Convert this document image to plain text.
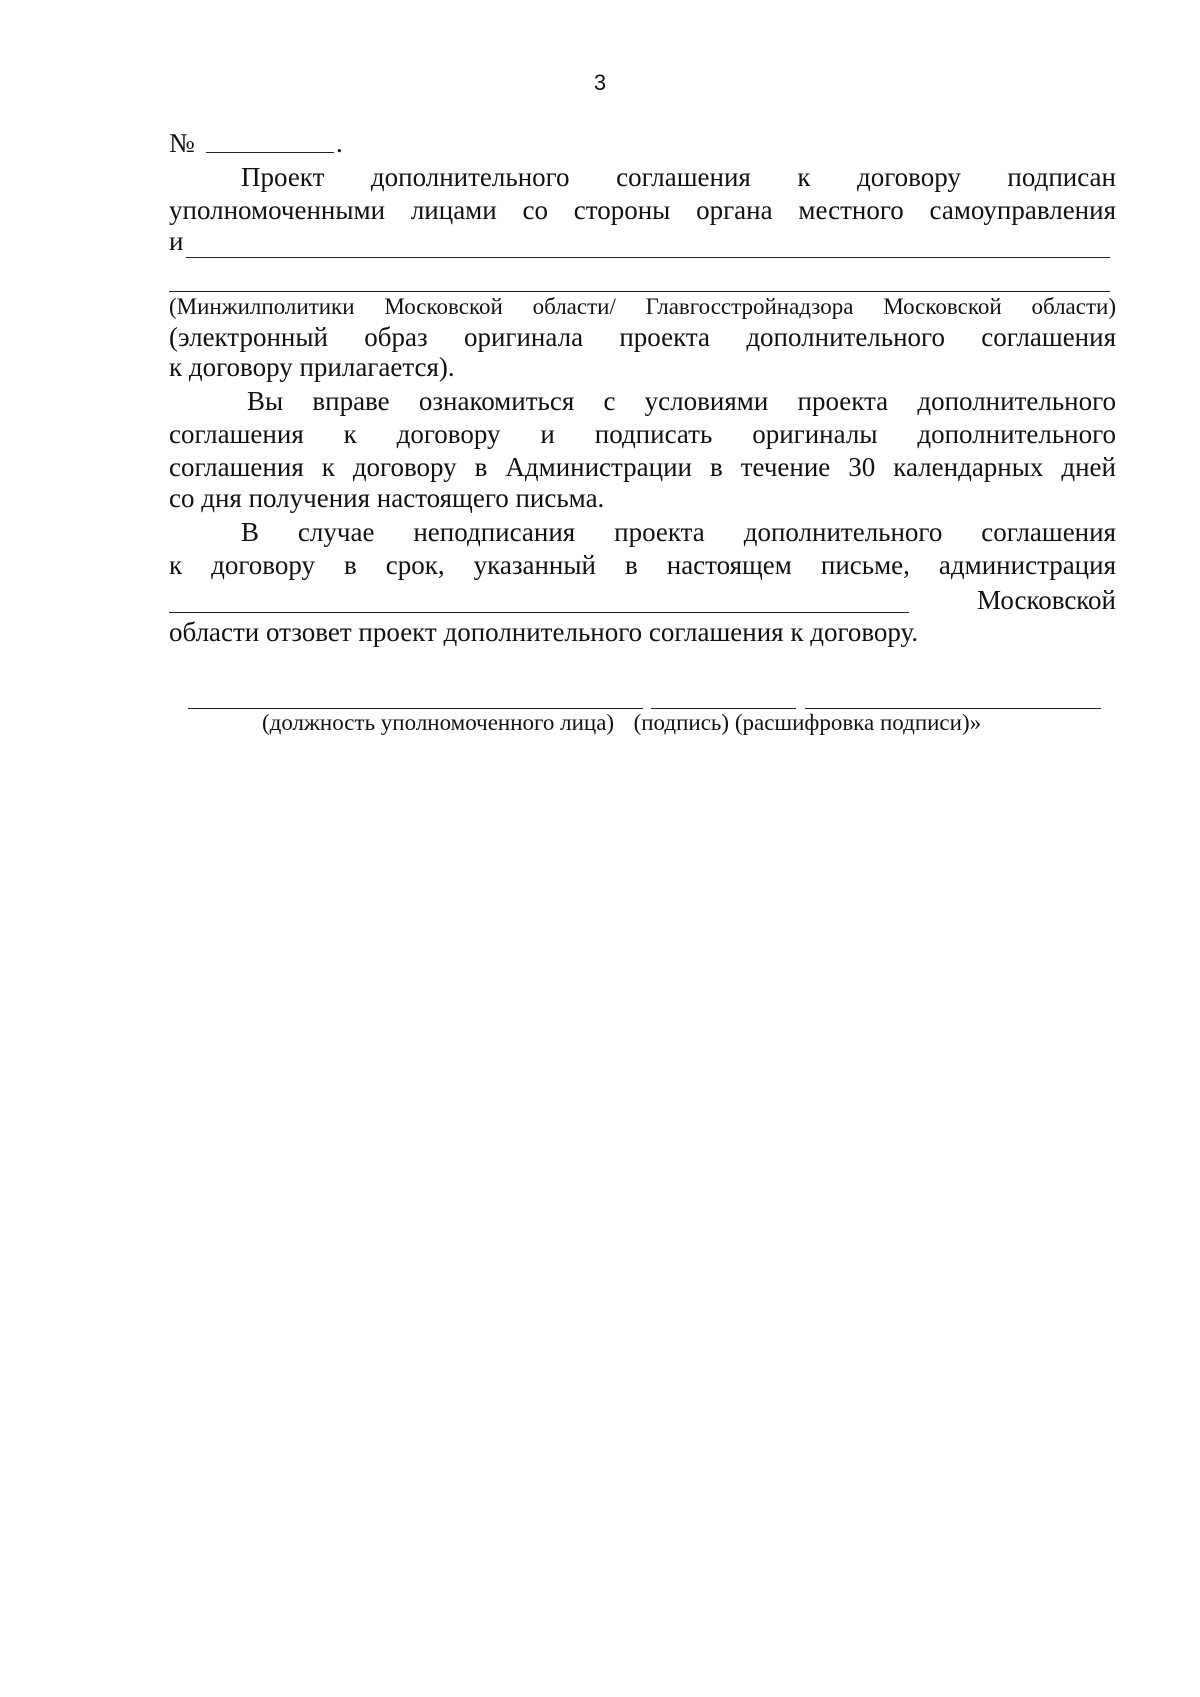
3
№	.
Проект дополнительного соглашения к договору подписан
уполномоченными лицами со стороны органа местного самоуправления
и
(Минжилполитики Московской области/ Главгосстройнадзора Московской области)
(электронный образ оригинала проекта дополнительного соглашения
к договору прилагается).
Вы вправе ознакомиться с условиями проекта дополнительного
соглашения к договору и подписать оригиналы дополнительного
соглашения к договору в Администрации в течение 30 календарных дней
со дня получения настоящего письма.
В случае неподписания проекта дополнительного соглашения
к договору в срок, указанный в настоящем письме, администрация
Московской
области отзовет проект дополнительного соглашения к договору.
(должность уполномоченного лица) (подпись) (расшифровка подписи)»
